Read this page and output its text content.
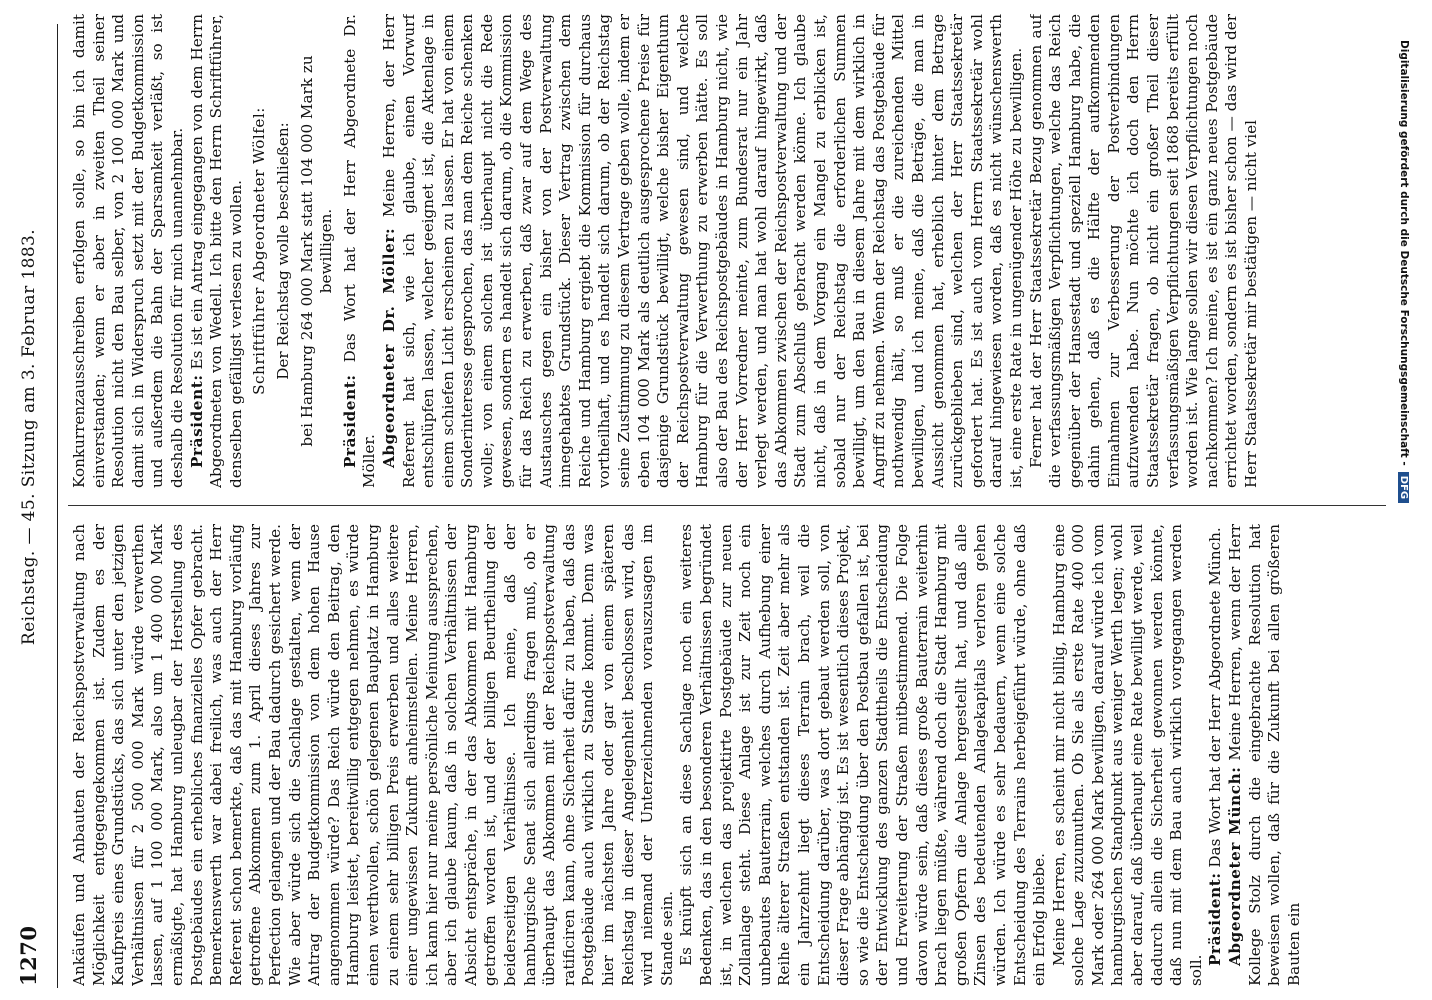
1270
Reichstag. — 45. Sitzung am 3. Februar 1883.

Ankäufen und Anbauten der Reichspostverwaltung nach Möglichkeit entgegengekommen ist. Zudem es der Kaufpreis eines Grundstücks, das sich unter den jetzigen Verhältnissen für 2 500 000 Mark würde verwerthen lassen, auf 1 100 000 Mark, also um 1 400 000 Mark ermäßigte, hat Hamburg unleugbar der Herstellung des Postgebäudes ein erhebliches finanzielles Opfer gebracht. Bemerkenswerth war dabei freilich, was auch der Herr Referent schon bemerkte, daß das mit Hamburg vorläufig getroffene Abkommen zum 1. April dieses Jahres zur Perfection gelangen und der Bau dadurch gesichert werde. Wie aber würde sich die Sachlage gestalten, wenn der Antrag der Budgetkommission von dem hohen Hause angenommen würde? Das Reich würde den Beitrag, den Hamburg leistet, bereitwillig entgegen nehmen, es würde einen werthvollen, schön gelegenen Bauplatz in Hamburg zu einem sehr billigen Preis erwerben und alles weitere einer ungewissen Zukunft anheimstellen. Meine Herren, ich kann hier nur meine persönliche Meinung aussprechen, aber ich glaube kaum, daß in solchen Verhältnissen der Absicht entspräche, in der das Abkommen mit Hamburg getroffen worden ist, und der billigen Beurtheilung der beiderseitigen Verhältnisse. Ich meine, daß der hamburgische Senat sich allerdings fragen muß, ob er überhaupt das Abkommen mit der Reichspostverwaltung ratificiren kann, ohne Sicherheit dafür zu haben, daß das Postgebäude auch wirklich zu Stande kommt. Denn was hier im nächsten Jahre oder gar von einem späteren Reichstag in dieser Angelegenheit beschlossen wird, das wird niemand der Unterzeichnenden vorauszusagen im Stande sein. Es knüpft sich an diese Sachlage noch ein weiteres Bedenken, das in den besonderen Verhältnissen begründet ist, in welchen das projektirte Postgebäude zur neuen Zollanlage steht. Diese Anlage ist zur Zeit noch ein unbebautes Bauterrain, welches durch Aufhebung einer Reihe älterer Straßen entstanden ist. Zeit aber mehr als ein Jahrzehnt liegt dieses Terrain brach, weil die Entscheidung darüber, was dort gebaut werden soll, von dieser Frage abhängig ist. Es ist wesentlich dieses Projekt, so wie die Entscheidung über den Postbau gefallen ist, bei der Entwicklung des ganzen Stadttheils die Entscheidung und Erweiterung der Straßen mitbestimmend. Die Folge davon würde sein, daß dieses große Bauterrain weiterhin brach liegen müßte, während doch die Stadt Hamburg mit großen Opfern die Anlage hergestellt hat, und daß alle Zinsen des bedeutenden Anlagekapitals verloren gehen würden. Ich würde es sehr bedauern, wenn eine solche Entscheidung des Terrains herbeigeführt würde, ohne daß ein Erfolg bliebe. Meine Herren, es scheint mir nicht billig, Hamburg eine solche Lage zuzumuthen. Ob Sie als erste Rate 400 000 Mark oder 264 000 Mark bewilligen, darauf würde ich vom hamburgischen Standpunkt aus weniger Werth legen; wohl aber darauf, daß überhaupt eine Rate bewilligt werde, weil dadurch allein die Sicherheit gewonnen werden könnte, daß nun mit dem Bau auch wirklich vorgegangen werden soll.

Präsident: Das Wort hat der Herr Abgeordnete Münch. Abgeordneter Münch: Meine Herren, wenn der Herr Kollege Stolz durch die eingebrachte Resolution hat beweisen wollen, daß für die Zukunft bei allen größeren Bauten ein

Konkurrenzausschreiben erfolgen solle, so bin ich damit einverstanden; wenn er aber in zweiten Theil seiner Resolution nicht den Bau selber, von 2 100 000 Mark und damit sich in Widerspruch setzt mit der Budgetkommission und außerdem die Bahn der Sparsamkeit verläßt, so ist deshalb die Resolution für mich unannehmbar. Präsident: Es ist ein Antrag eingegangen von dem Herrn Abgeordneten von Wedell. Ich bitte den Herrn Schriftführer, denselben gefälligst verlesen zu wollen. Schriftführer Abgeordneter Wölfel: Der Reichstag wolle beschließen: bei Hamburg 264 000 Mark statt 104 000 Mark zu bewilligen.

Präsident: Das Wort hat der Herr Abgeordnete Dr. Möller. Abgeordneter Dr. Möller: Meine Herren, der Herr Referent hat sich, wie ich glaube, einen Vorwurf entschlüpfen lassen, welcher geeignet ist, die Aktenlage in einem schiefen Licht erscheinen zu lassen. Er hat von einem Sonderinteresse gesprochen, das man dem Reiche schenken wolle; von einem solchen ist überhaupt nicht die Rede gewesen, sondern es handelt sich darum, ob die Kommission für das Reich zu erwerben, daß zwar auf dem Wege des Austausches gegen ein bisher von der Postverwaltung innegehabtes Grundstück. Dieser Vertrag zwischen dem Reiche und Hamburg ergiebt die Kommission für durchaus vortheilhaft, und es handelt sich darum, ob der Reichstag seine Zustimmung zu diesem Vertrage geben wolle, indem er eben 104 000 Mark als deutlich ausgesprochene Preise für dasjenige Grundstück bewilligt, welche bisher Eigenthum der Reichspostverwaltung gewesen sind, und welche Hamburg für die Verwerthung zu erwerben hätte. Es soll also der Bau des Reichspostgebäudes in Hamburg nicht, wie der Herr Vorredner meinte, zum Bundesrat nur ein Jahr verlegt werden, und man hat wohl darauf hingewirkt, daß das Abkommen zwischen der Reichspostverwaltung und der Stadt zum Abschluß gebracht werden könne. Ich glaube nicht, daß in dem Vorgang ein Mangel zu erblicken ist, sobald nur der Reichstag die erforderlichen Summen bewilligt, um den Bau in diesem Jahre mit dem wirklich in Angriff zu nehmen. Wenn der Reichstag das Postgebäude für nothwendig hält, so muß er die zureichenden Mittel bewilligen, und ich meine, daß die Beträge, die man in Aussicht genommen hat, erheblich hinter dem Betrage zurückgeblieben sind, welchen der Herr Staatssekretär gefordert hat. Es ist auch vom Herrn Staatssekretär wohl darauf hingewiesen worden, daß es nicht wünschenswerth ist, eine erste Rate in ungenügender Höhe zu bewilligen. Ferner hat der Herr Staatssekretär Bezug genommen auf die verfassungsmäßigen Verpflichtungen, welche das Reich gegenüber der Hansestadt und speziell Hamburg habe, die dahin gehen, daß es die Hälfte der aufkommenden Einnahmen zur Verbesserung der Postverbindungen aufzuwenden habe. Nun möchte ich doch den Herrn Staatssekretär fragen, ob nicht ein großer Theil dieser verfassungsmäßigen Verpflichtungen seit 1868 bereits erfüllt worden ist. Wie lange sollen wir diesen Verpflichtungen noch nachkommen? Ich meine, es ist ein ganz neues Postgebäude errichtet worden, sondern es ist bisher schon — das wird der Herr Staatssekretär mir bestätigen — nicht viel	Digitalisierung gefördert durch die Deutsche Forschungsgemeinschaft -DFG
